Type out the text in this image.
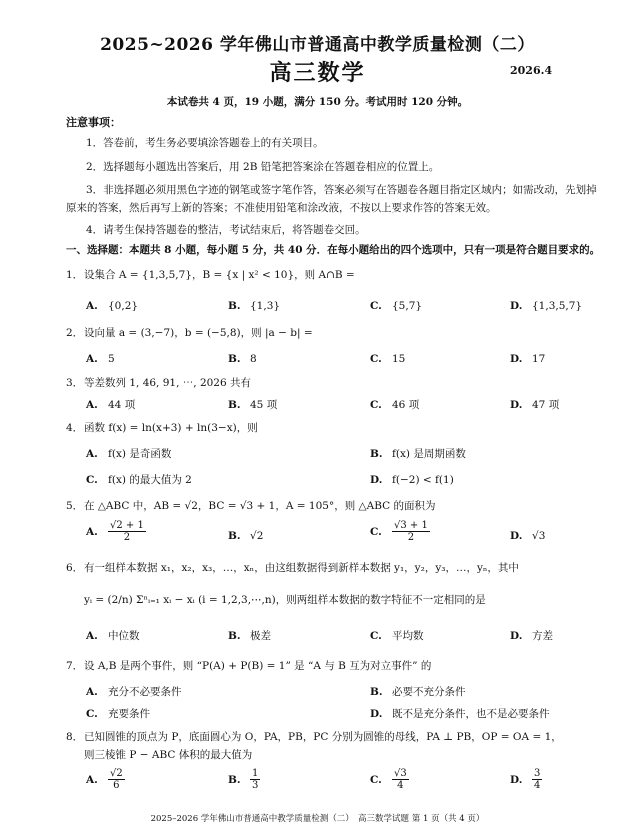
2025~2026 学年佛山市普通高中教学质量检测（二）
高三数学	2026.4
本试卷共 4 页，19 小题，满分 150 分。考试用时 120 分钟。
注意事项：
1．答卷前，考生务必要填涂答题卷上的有关项目。
2．选择题每小题选出答案后，用 2B 铅笔把答案涂在答题卷相应的位置上。
3．非选择题必须用黑色字迹的钢笔或签字笔作答，答案必须写在答题卷各题目指定区域内；如需改动，先划掉原来的答案，然后再写上新的答案；不准使用铅笔和涂改液，不按以上要求作答的答案无效。
4．请考生保持答题卷的整洁，考试结束后，将答题卷交回。
一、选择题：本题共 8 小题，每小题 5 分，共 40 分．在每小题给出的四个选项中，只有一项是符合题目要求的。
1．设集合 A = {1,3,5,7}，B = {x | x² < 10}，则 A∩B =
A. {0,2}	B. {1,3}	C. {5,7}	D. {1,3,5,7}
2．设向量 a = (3,−7)，b = (−5,8)，则 |a − b| =
A. 5	B. 8	C. 15	D. 17
3．等差数列 1, 46, 91, ⋯, 2026 共有
A. 44 项	B. 45 项	C. 46 项	D. 47 项
4．函数 f(x) = ln(x+3) + ln(3−x)，则
A. f(x) 是奇函数	B. f(x) 是周期函数
C. f(x) 的最大值为 2	D. f(−2) < f(1)
5．在 △ABC 中，AB = √2，BC = √3 + 1，A = 105°，则 △ABC 的面积为
A. $\frac{√2 + 1}{2}$	B. √2	C. $\frac{√3 + 1}{2}$	D. √3
6．有一组样本数据 x₁，x₂，x₃，…，xₙ，由这组数据得到新样本数据 y₁，y₂，y₃，…，yₙ，其中
yᵢ = (2/n) Σⁿᵢ₌₁ xᵢ − xᵢ (i = 1,2,3,⋯,n)，则两组样本数据的数字特征不一定相同的是
A. 中位数	B. 极差	C. 平均数	D. 方差
7．设 A,B 是两个事件，则 “P(A) + P(B) = 1” 是 “A 与 B 互为对立事件” 的
A. 充分不必要条件	B. 必要不充分条件
C. 充要条件	D. 既不是充分条件，也不是必要条件
8．已知圆锥的顶点为 P，底面圆心为 O，PA，PB，PC 分别为圆锥的母线，PA ⊥ PB，OP = OA = 1，
则三棱锥 P − ABC 体积的最大值为
A. $\frac{√2}{6}$	B. $\frac{1}{3}$	C. $\frac{√3}{4}$	D. $\frac{3}{4}$
2025–2026 学年佛山市普通高中教学质量检测（二）　高三数学试题 第 1 页（共 4 页）
